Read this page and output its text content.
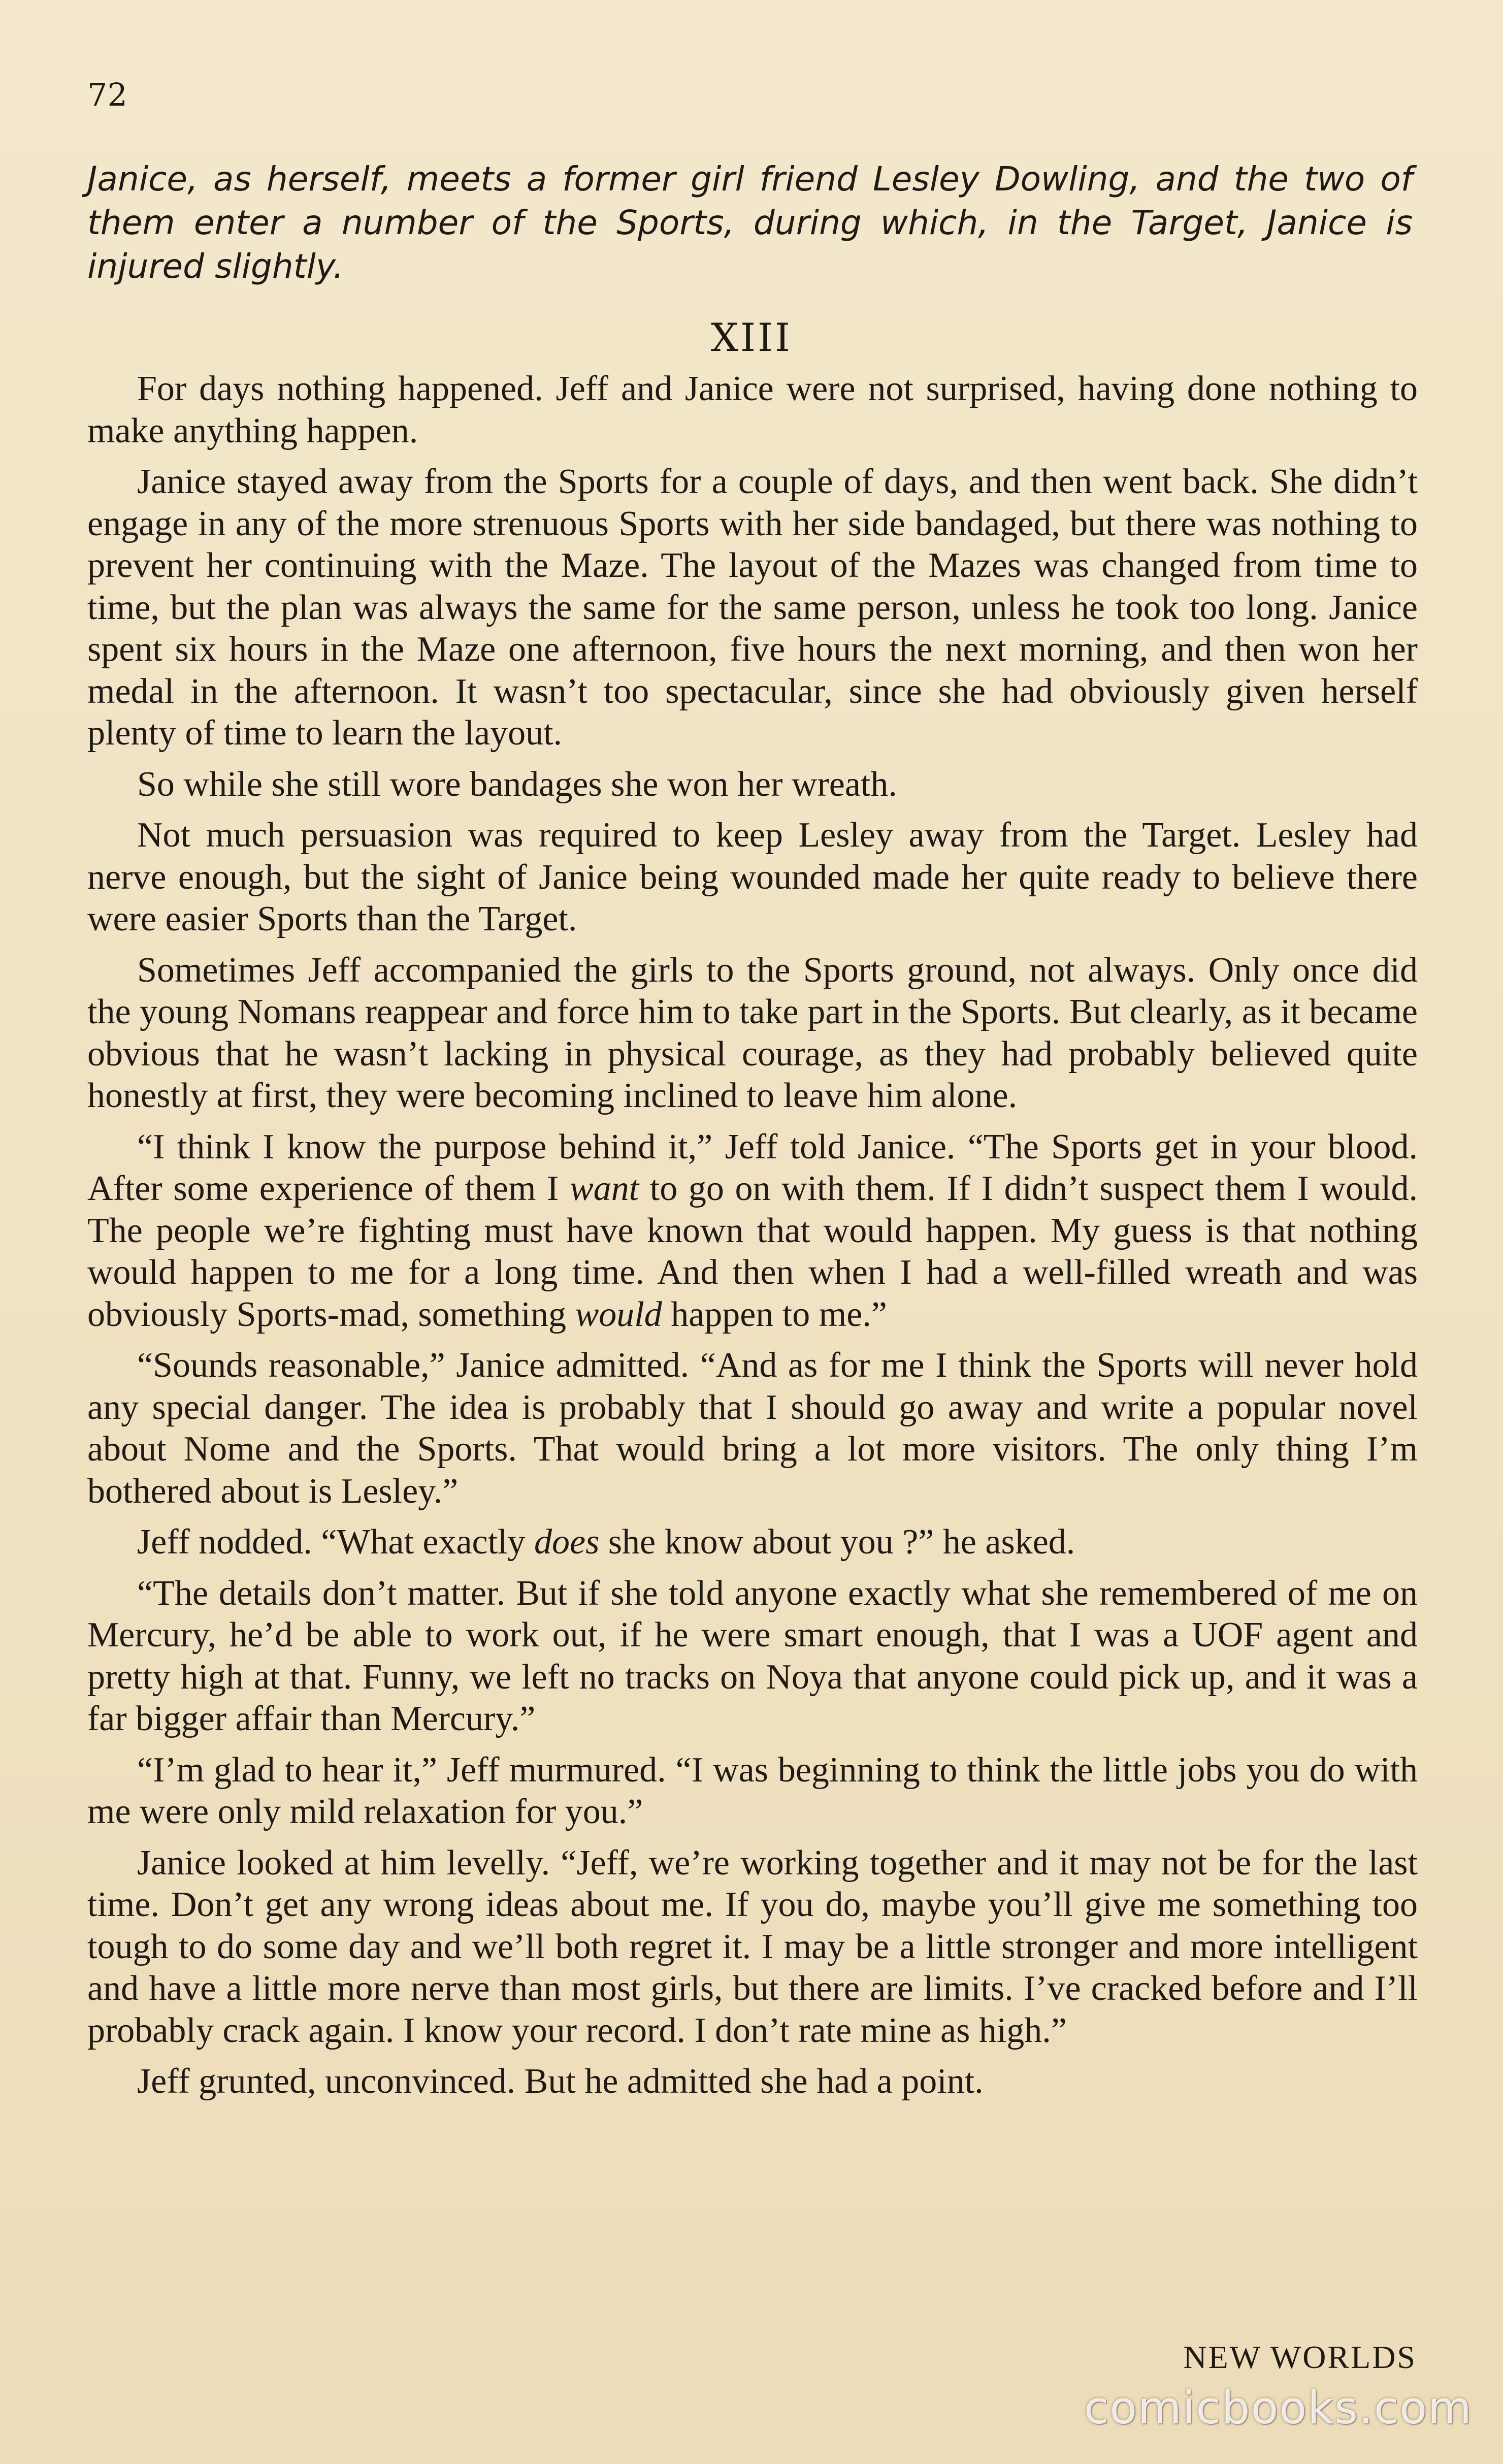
72
Janice, as herself, meets a former girl friend Lesley Dowling, and the two of them enter a number of the Sports, during which, in the Target, Janice is injured slightly.
XIII

For days nothing happened. Jeff and Janice were not surprised, having done nothing to make anything happen.

Janice stayed away from the Sports for a couple of days, and then went back. She didn’t engage in any of the more strenuous Sports with her side bandaged, but there was nothing to prevent her continuing with the Maze. The layout of the Mazes was changed from time to time, but the plan was always the same for the same person, unless he took too long. Janice spent six hours in the Maze one afternoon, five hours the next morning, and then won her medal in the afternoon. It wasn’t too spectacular, since she had obviously given herself plenty of time to learn the layout.

So while she still wore bandages she won her wreath.

Not much persuasion was required to keep Lesley away from the Target. Lesley had nerve enough, but the sight of Janice being wounded made her quite ready to believe there were easier Sports than the Target.

Sometimes Jeff accompanied the girls to the Sports ground, not always. Only once did the young Nomans reappear and force him to take part in the Sports. But clearly, as it became obvious that he wasn’t lacking in physical courage, as they had probably believed quite honestly at first, they were becoming inclined to leave him alone.

“I think I know the purpose behind it,” Jeff told Janice. “The Sports get in your blood. After some experience of them I want to go on with them. If I didn’t suspect them I would. The people we’re fighting must have known that would happen. My guess is that nothing would happen to me for a long time. And then when I had a well-filled wreath and was obviously Sports-mad, something would happen to me.”

“Sounds reasonable,” Janice admitted. “And as for me I think the Sports will never hold any special danger. The idea is probably that I should go away and write a popular novel about Nome and the Sports. That would bring a lot more visitors. The only thing I’m bothered about is Lesley.”

Jeff nodded. “What exactly does she know about you ?” he asked.

“The details don’t matter. But if she told anyone exactly what she remembered of me on Mercury, he’d be able to work out, if he were smart enough, that I was a UOF agent and pretty high at that. Funny, we left no tracks on Noya that anyone could pick up, and it was a far bigger affair than Mercury.”

“I’m glad to hear it,” Jeff murmured. “I was beginning to think the little jobs you do with me were only mild relaxation for you.”

Janice looked at him levelly. “Jeff, we’re working together and it may not be for the last time. Don’t get any wrong ideas about me. If you do, maybe you’ll give me something too tough to do some day and we’ll both regret it. I may be a little stronger and more intelligent and have a little more nerve than most girls, but there are limits. I’ve cracked before and I’ll probably crack again. I know your record. I don’t rate mine as high.”

Jeff grunted, unconvinced. But he admitted she had a point.

NEW WORLDS
comicbooks.com
